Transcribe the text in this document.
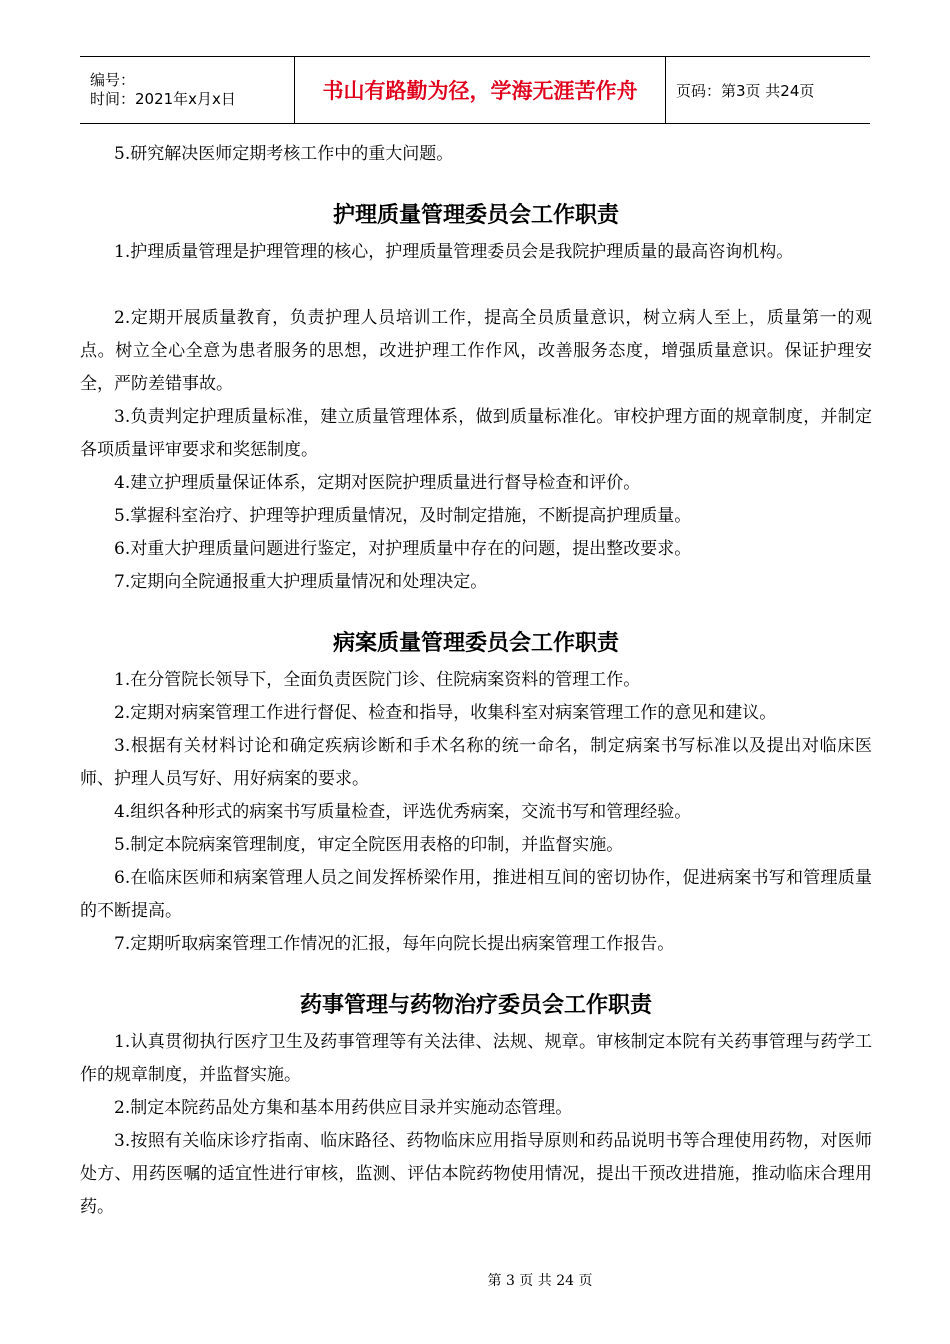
编号：
时间：2021年x月x日	书山有路勤为径，学海无涯苦作舟	页码：第3页 共24页

5.研究解决医师定期考核工作中的重大问题。

护理质量管理委员会工作职责

1.护理质量管理是护理管理的核心，护理质量管理委员会是我院护理质量的最高咨询机构。

2.定期开展质量教育，负责护理人员培训工作，提高全员质量意识，树立病人至上，质量第一的观点。树立全心全意为患者服务的思想，改进护理工作作风，改善服务态度，增强质量意识。保证护理安全，严防差错事故。

3.负责判定护理质量标准，建立质量管理体系，做到质量标准化。审校护理方面的规章制度，并制定各项质量评审要求和奖惩制度。

4.建立护理质量保证体系，定期对医院护理质量进行督导检查和评价。

5.掌握科室治疗、护理等护理质量情况，及时制定措施，不断提高护理质量。

6.对重大护理质量问题进行鉴定，对护理质量中存在的问题，提出整改要求。

7.定期向全院通报重大护理质量情况和处理决定。

病案质量管理委员会工作职责

1.在分管院长领导下，全面负责医院门诊、住院病案资料的管理工作。

2.定期对病案管理工作进行督促、检查和指导，收集科室对病案管理工作的意见和建议。

3.根据有关材料讨论和确定疾病诊断和手术名称的统一命名，制定病案书写标准以及提出对临床医师、护理人员写好、用好病案的要求。

4.组织各种形式的病案书写质量检查，评选优秀病案，交流书写和管理经验。

5.制定本院病案管理制度，审定全院医用表格的印制，并监督实施。

6.在临床医师和病案管理人员之间发挥桥梁作用，推进相互间的密切协作，促进病案书写和管理质量的不断提高。

7.定期听取病案管理工作情况的汇报，每年向院长提出病案管理工作报告。

药事管理与药物治疗委员会工作职责

1.认真贯彻执行医疗卫生及药事管理等有关法律、法规、规章。审核制定本院有关药事管理与药学工作的规章制度，并监督实施。

2.制定本院药品处方集和基本用药供应目录并实施动态管理。

3.按照有关临床诊疗指南、临床路径、药物临床应用指导原则和药品说明书等合理使用药物，对医师处方、用药医嘱的适宜性进行审核，监测、评估本院药物使用情况，提出干预改进措施，推动临床合理用药。

第 3 页 共 24 页
